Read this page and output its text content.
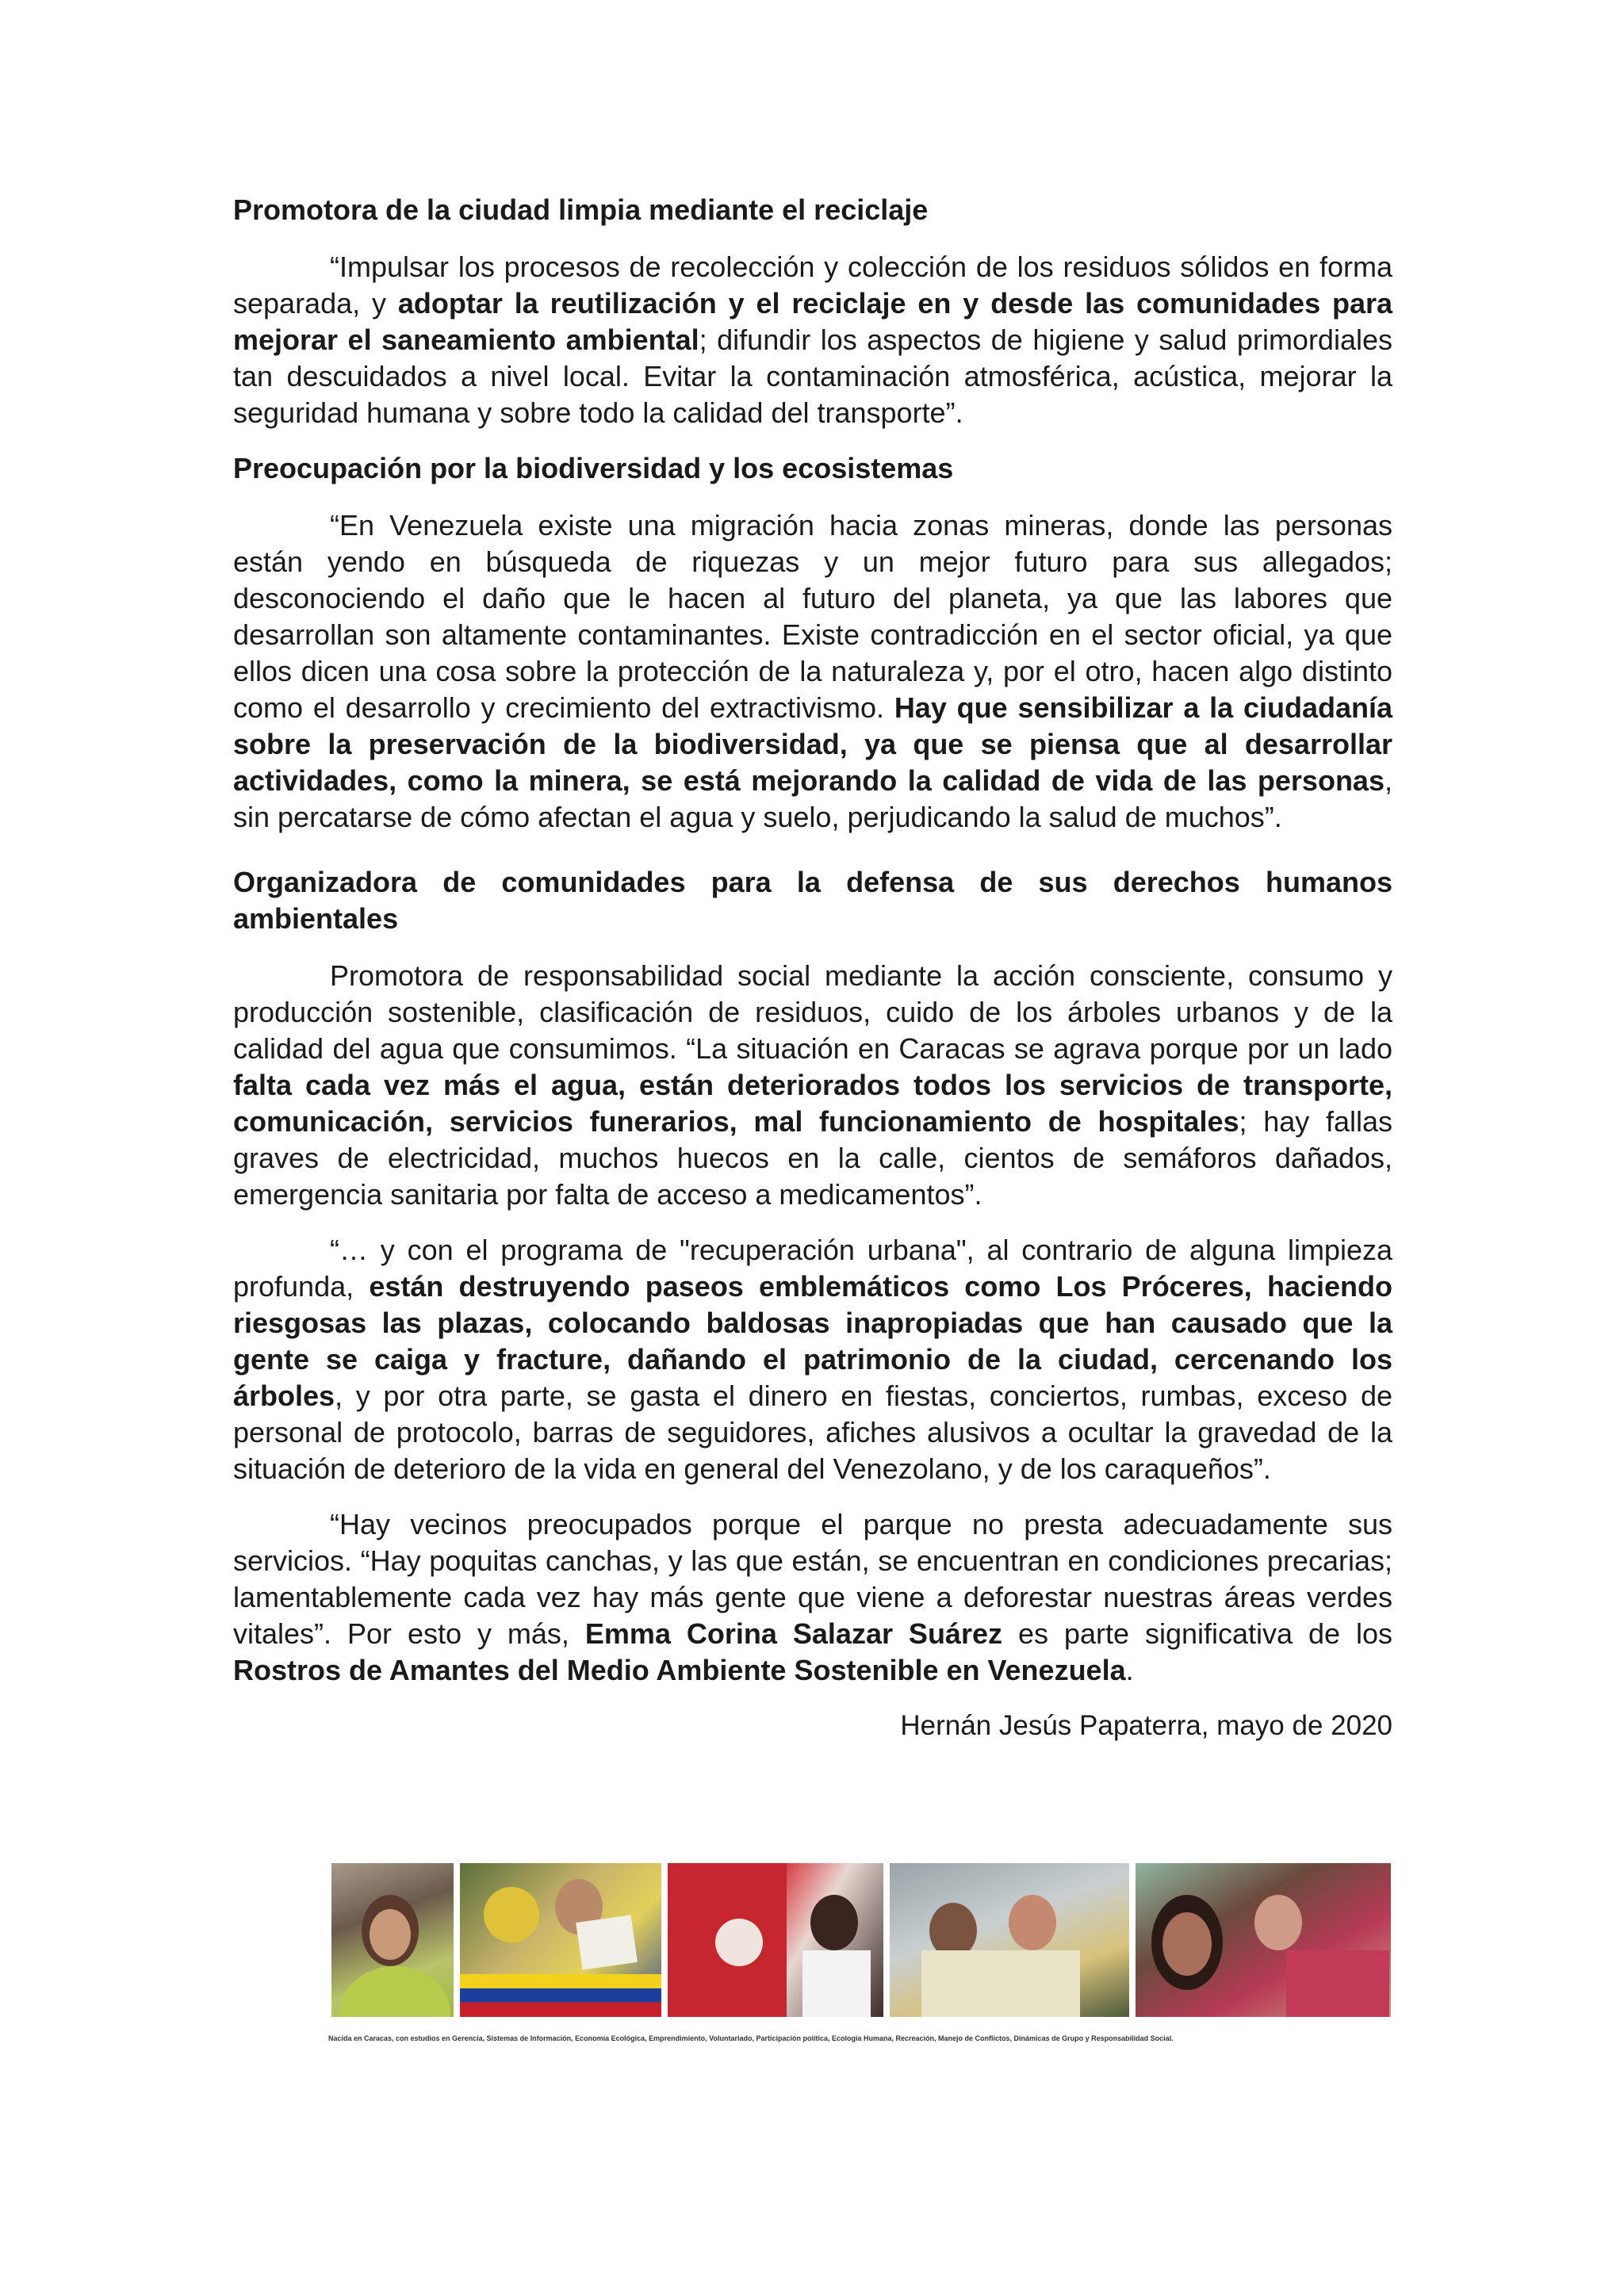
Promotora de la ciudad limpia mediante el reciclaje

“Impulsar los procesos de recolección y colección de los residuos sólidos en forma separada, y adoptar la reutilización y el reciclaje en y desde las comunidades para mejorar el saneamiento ambiental; difundir los aspectos de higiene y salud primordiales tan descuidados a nivel local. Evitar la contaminación atmosférica, acústica, mejorar la seguridad humana y sobre todo la calidad del transporte”.

Preocupación por la biodiversidad y los ecosistemas

“En Venezuela existe una migración hacia zonas mineras, donde las personas están yendo en búsqueda de riquezas y un mejor futuro para sus allegados; desconociendo el daño que le hacen al futuro del planeta, ya que las labores que desarrollan son altamente contaminantes. Existe contradicción en el sector oficial, ya que ellos dicen una cosa sobre la protección de la naturaleza y, por el otro, hacen algo distinto como el desarrollo y crecimiento del extractivismo. Hay que sensibilizar a la ciudadanía sobre la preservación de la biodiversidad, ya que se piensa que al desarrollar actividades, como la minera, se está mejorando la calidad de vida de las personas, sin percatarse de cómo afectan el agua y suelo, perjudicando la salud de muchos”.

Organizadora de comunidades para la defensa de sus derechos humanos ambientales

Promotora de responsabilidad social mediante la acción consciente, consumo y producción sostenible, clasificación de residuos, cuido de los árboles urbanos y de la calidad del agua que consumimos. “La situación en Caracas se agrava porque por un lado falta cada vez más el agua, están deteriorados todos los servicios de transporte, comunicación, servicios funerarios, mal funcionamiento de hospitales; hay fallas graves de electricidad, muchos huecos en la calle, cientos de semáforos dañados, emergencia sanitaria por falta de acceso a medicamentos”.

“… y con el programa de "recuperación urbana", al contrario de alguna limpieza profunda, están destruyendo paseos emblemáticos como Los Próceres, haciendo riesgosas las plazas, colocando baldosas inapropiadas que han causado que la gente se caiga y fracture, dañando el patrimonio de la ciudad, cercenando los árboles, y por otra parte, se gasta el dinero en fiestas, conciertos, rumbas, exceso de personal de protocolo, barras de seguidores, afiches alusivos a ocultar la gravedad de la situación de deterioro de la vida en general del Venezolano, y de los caraqueños”.

“Hay vecinos preocupados porque el parque no presta adecuadamente sus servicios. “Hay poquitas canchas, y las que están, se encuentran en condiciones precarias; lamentablemente cada vez hay más gente que viene a deforestar nuestras áreas verdes vitales”. Por esto y más, Emma Corina Salazar Suárez es parte significativa de los Rostros de Amantes del Medio Ambiente Sostenible en Venezuela.

Hernán Jesús Papaterra, mayo de 2020
Nacida en Caracas, con estudios en Gerencia, Sistemas de Información, Economía Ecológica, Emprendimiento, Voluntariado, Participación política, Ecología Humana, Recreación, Manejo de Conflictos, Dinámicas de Grupo y Responsabilidad Social.
